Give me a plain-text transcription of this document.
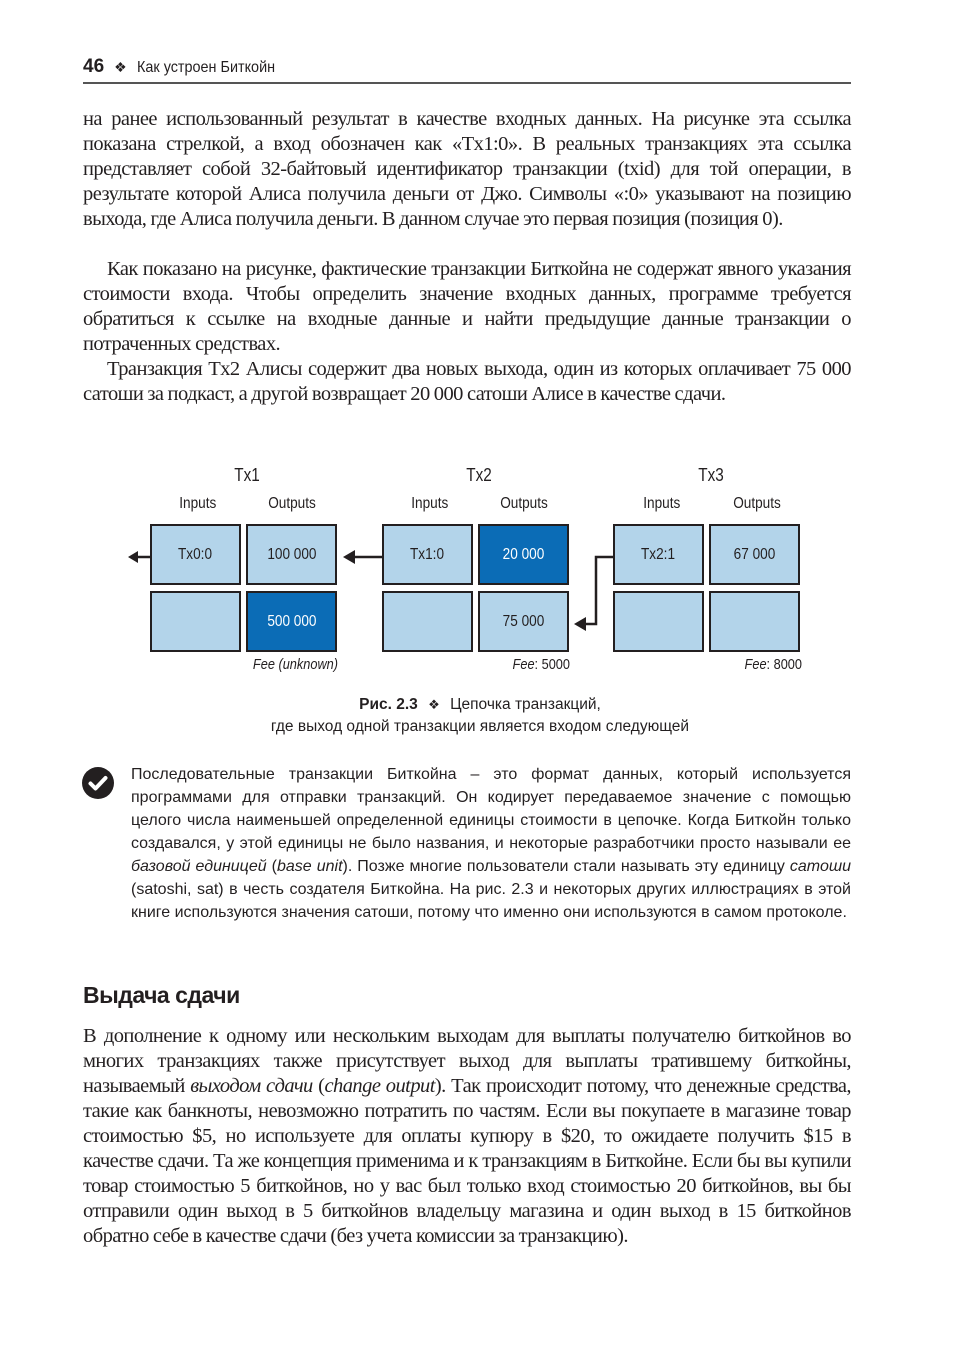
46 ❖ Как устроен Биткойн

на ранее использованный результат в качестве входных данных. На рисунке эта ссылка показана стрелкой, а вход обозначен как «Tx1:0». В реальных транзакциях эта ссылка представляет собой 32-байтовый идентификатор транзакции (txid) для той операции, в результате которой Алиса получила деньги от Джо. Символы «:0» указывают на позицию выхода, где Алиса получила деньги. В данном случае это первая позиция (позиция 0).

Как показано на рисунке, фактические транзакции Биткойна не содержат явного указания стоимости входа. Чтобы определить значение входных данных, программе требуется обратиться к ссылке на входные данные и найти предыдущие данные транзакции о потраченных средствах.

Транзакция Tx2 Алисы содержит два новых выхода, один из которых оплачивает 75 000 сатоши за подкаст, а другой возвращает 20 000 сатоши Алисе в качестве сдачи.

Tx1
Inputs	Outputs
Tx0:0	100 000
500 000
Fee (unknown)
Tx2
Inputs	Outputs
Tx1:0	20 000
75 000
Fee: 5000
Tx3
Inputs	Outputs
Tx2:1	67 000
Fee: 8000
Рис. 2.3 ❖ Цепочка транзакций,
где выход одной транзакции является входом следующей
Последовательные транзакции Биткойна – это формат данных, который используется программами для отправки транзакций. Он кодирует передаваемое значение с помощью целого числа наименьшей определенной единицы стоимости в цепочке. Когда Биткойн только создавался, у этой единицы не было названия, и некоторые разработчики просто называли ее базовой единицей (base unit). Позже многие пользователи стали называть эту единицу сатоши (satoshi, sat) в честь создателя Биткойна. На рис. 2.3 и некоторых других иллюстрациях в этой книге используются значения сатоши, потому что именно они используются в самом протоколе.
Выдача сдачи

В дополнение к одному или нескольким выходам для выплаты получателю биткойнов во многих транзакциях также присутствует выход для выплаты тратившему биткойны, называемый выходом сдачи (change output). Так происходит потому, что денежные средства, такие как банкноты, невозможно потратить по частям. Если вы покупаете в магазине товар стоимостью $5, но используете для оплаты купюру в $20, то ожидаете получить $15 в качестве сдачи. Та же концепция применима и к транзакциям в Биткойне. Если бы вы купили товар стоимостью 5 биткойнов, но у вас был только вход стоимостью 20 биткойнов, вы бы отправили один выход в 5 биткойнов владельцу магазина и один выход в 15 биткойнов обратно себе в качестве сдачи (без учета комиссии за транзакцию).
